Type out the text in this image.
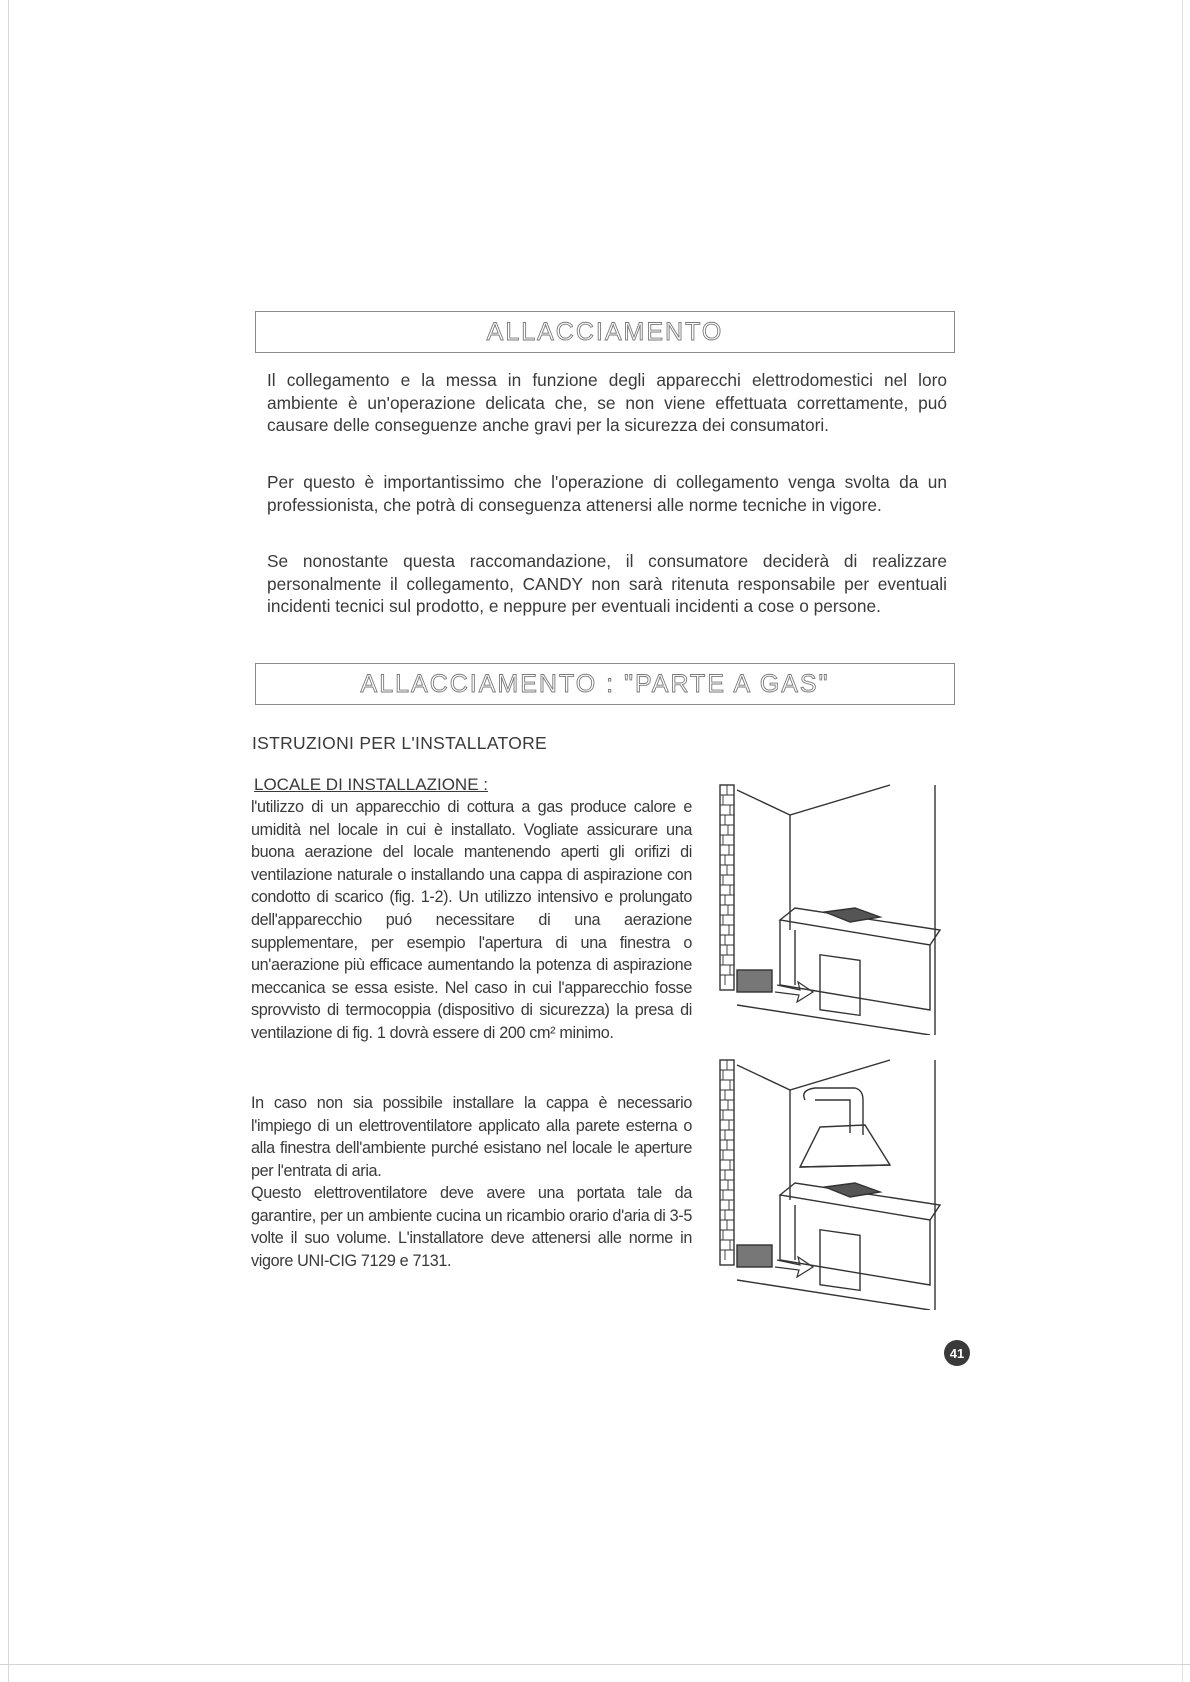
ALLACCIAMENTO

Il collegamento e la messa in funzione degli apparecchi elettrodomestici nel loro ambiente è un'operazione delicata che, se non viene effettuata correttamente, puó causare delle conseguenze anche gravi per la sicurezza dei consumatori.

Per questo è importantissimo che l'operazione di collegamento venga svolta da un professionista, che potrà di conseguenza attenersi alle norme tecniche in vigore.

Se nonostante questa raccomandazione, il consumatore deciderà di realizzare personalmente il collegamento, CANDY non sarà ritenuta responsabile per eventuali incidenti tecnici sul prodotto, e neppure per eventuali incidenti a cose o persone.

ALLACCIAMENTO : "PARTE A GAS"
ISTRUZIONI PER L'INSTALLATORE
LOCALE DI INSTALLAZIONE :

l'utilizzo di un apparecchio di cottura a gas produce calore e umidità nel locale in cui è installato. Vogliate assicurare una buona aerazione del locale mantenendo aperti gli orifizi di ventilazione naturale o installando una cappa di aspirazione con condotto di scarico (fig. 1-2). Un utilizzo intensivo e prolungato dell'apparecchio puó necessitare di una aerazione supplementare, per esempio l'apertura di una finestra o un'aerazione più efficace aumentando la potenza di aspirazione meccanica se essa esiste. Nel caso in cui l'apparecchio fosse sprovvisto di termocoppia (dispositivo di sicurezza) la presa di ventilazione di fig. 1 dovrà essere di 200 cm² minimo.

In caso non sia possibile installare la cappa è necessario l'impiego di un elettroventilatore applicato alla parete esterna o alla finestra dell'ambiente purché esistano nel locale le aperture per l'entrata di aria.

Questo elettroventilatore deve avere una portata tale da garantire, per un ambiente cucina un ricambio orario d'aria di 3-5 volte il suo volume. L'installatore deve attenersi alle norme in vigore UNI-CIG 7129 e 7131.

41
